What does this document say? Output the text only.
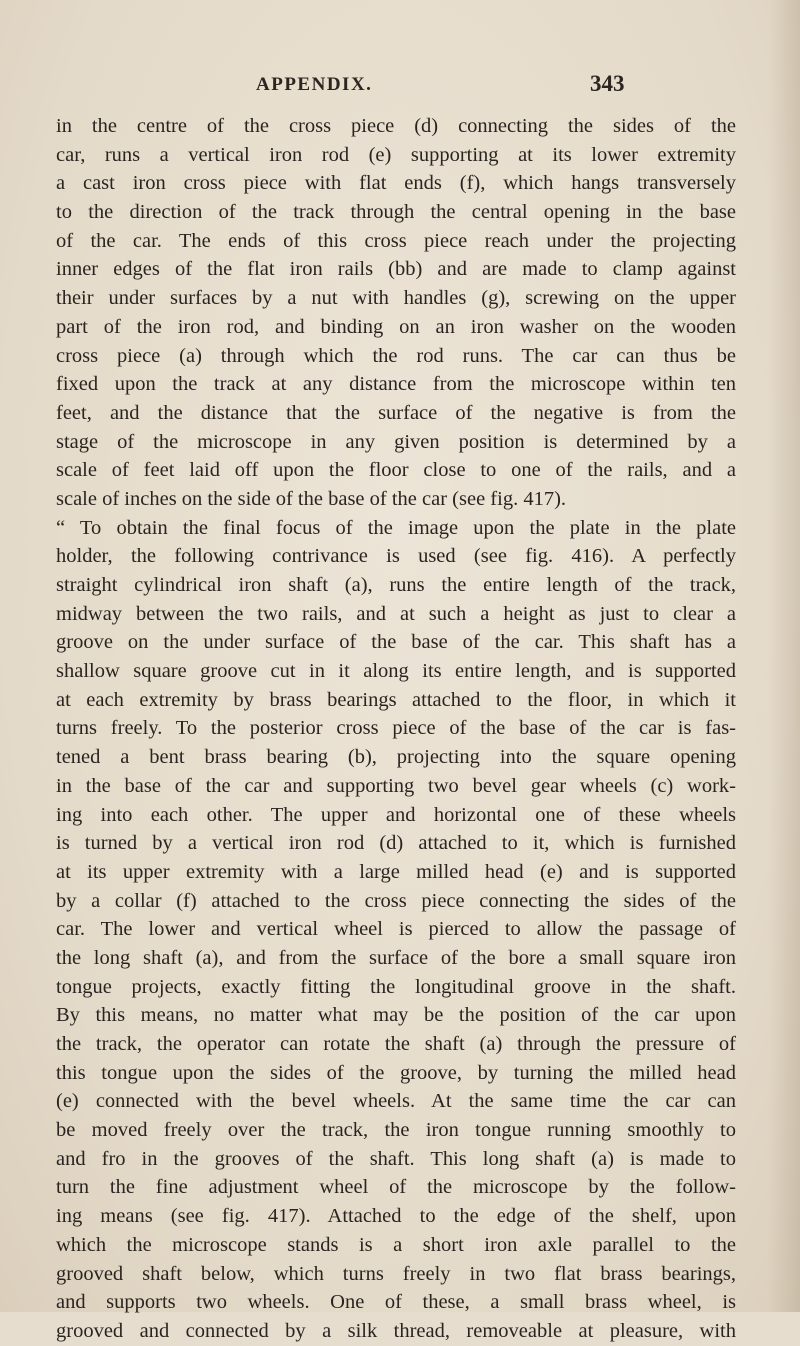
APPENDIX.	343
in the centre of the cross piece (d) connecting the sides of the
car, runs a vertical iron rod (e) supporting at its lower extremity
a cast iron cross piece with flat ends (f), which hangs transversely
to the direction of the track through the central opening in the base
of the car. The ends of this cross piece reach under the projecting
inner edges of the flat iron rails (bb) and are made to clamp against
their under surfaces by a nut with handles (g), screwing on the upper
part of the iron rod, and binding on an iron washer on the wooden
cross piece (a) through which the rod runs. The car can thus be
fixed upon the track at any distance from the microscope within ten
feet, and the distance that the surface of the negative is from the
stage of the microscope in any given position is determined by a
scale of feet laid off upon the floor close to one of the rails, and a
scale of inches on the side of the base of the car (see fig. 417).
“ To obtain the final focus of the image upon the plate in the plate
holder, the following contrivance is used (see fig. 416). A perfectly
straight cylindrical iron shaft (a), runs the entire length of the track,
midway between the two rails, and at such a height as just to clear a
groove on the under surface of the base of the car. This shaft has a
shallow square groove cut in it along its entire length, and is supported
at each extremity by brass bearings attached to the floor, in which it
turns freely. To the posterior cross piece of the base of the car is fas-
tened a bent brass bearing (b), projecting into the square opening
in the base of the car and supporting two bevel gear wheels (c) work-
ing into each other. The upper and horizontal one of these wheels
is turned by a vertical iron rod (d) attached to it, which is furnished
at its upper extremity with a large milled head (e) and is supported
by a collar (f) attached to the cross piece connecting the sides of the
car. The lower and vertical wheel is pierced to allow the passage of
the long shaft (a), and from the surface of the bore a small square iron
tongue projects, exactly fitting the longitudinal groove in the shaft.
By this means, no matter what may be the position of the car upon
the track, the operator can rotate the shaft (a) through the pressure of
this tongue upon the sides of the groove, by turning the milled head
(e) connected with the bevel wheels. At the same time the car can
be moved freely over the track, the iron tongue running smoothly to
and fro in the grooves of the shaft. This long shaft (a) is made to
turn the fine adjustment wheel of the microscope by the follow-
ing means (see fig. 417). Attached to the edge of the shelf, upon
which the microscope stands is a short iron axle parallel to the
grooved shaft below, which turns freely in two flat brass bearings,
and supports two wheels. One of these, a small brass wheel, is
grooved and connected by a silk thread, removeable at pleasure, with
